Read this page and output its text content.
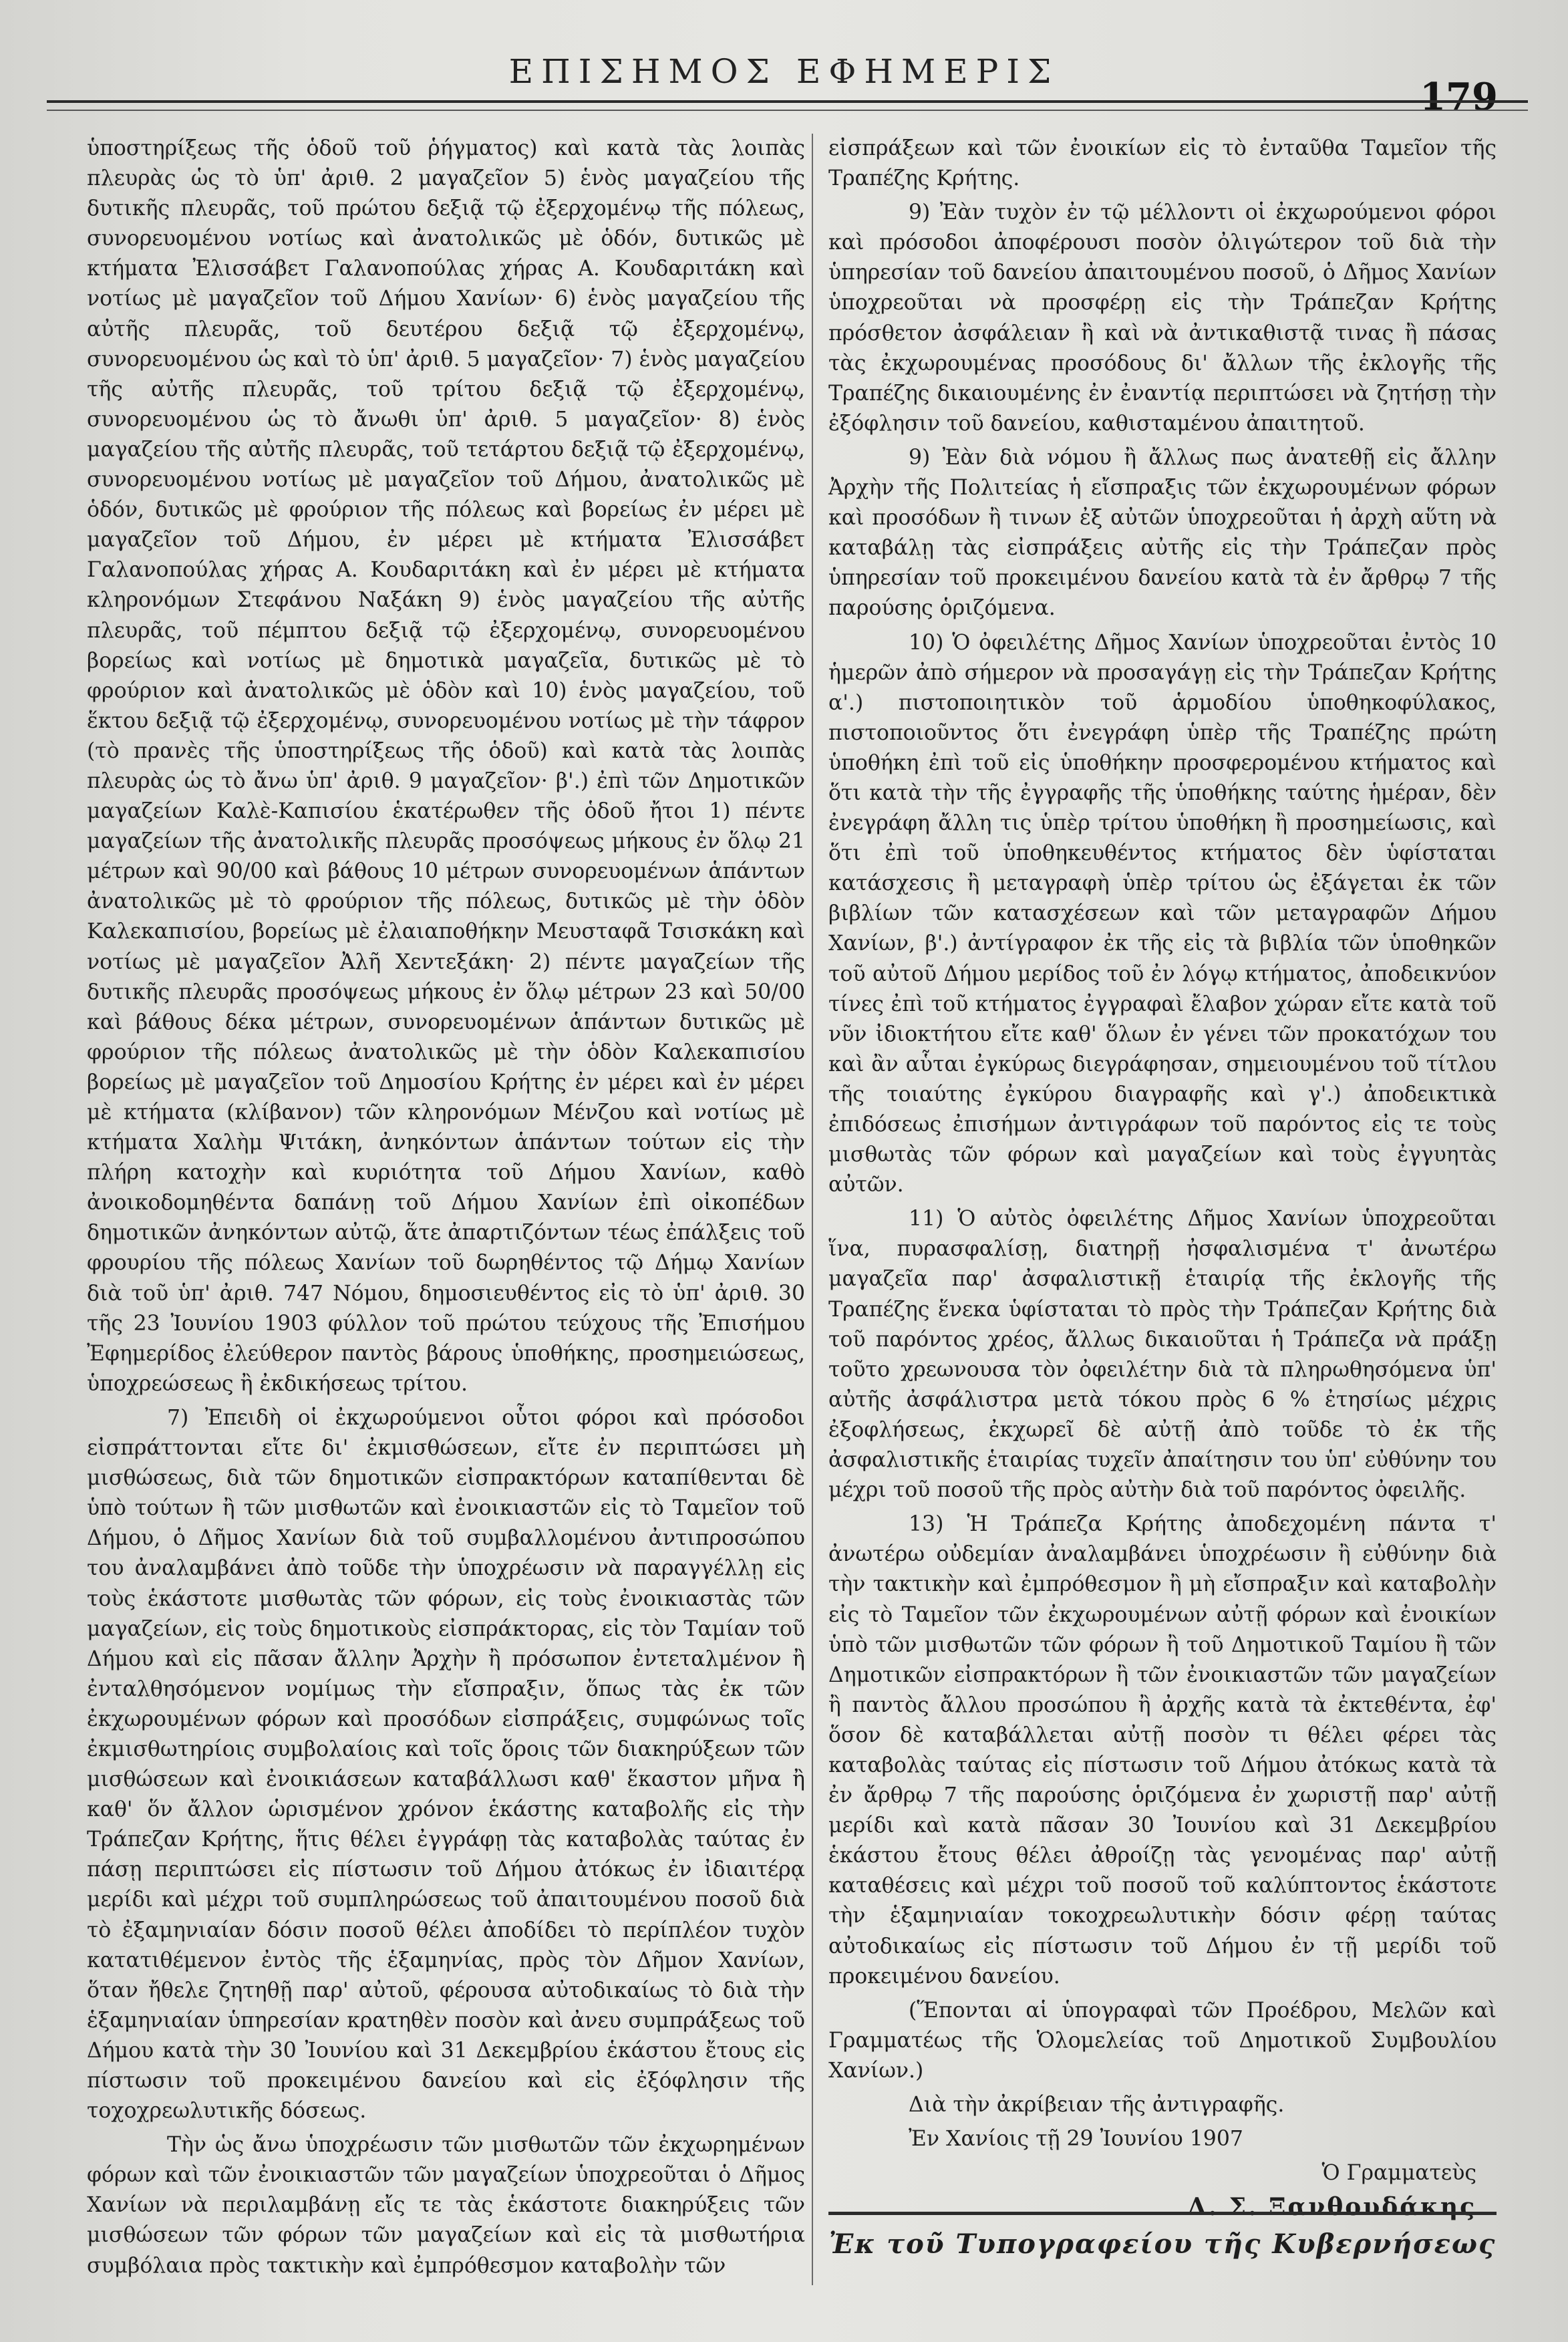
ΕΠΙΣΗΜΟΣ ΕΦΗΜΕΡΙΣ
179

ὑποστηρίξεως τῆς ὁδοῦ τοῦ ῥήγματος) καὶ κατὰ τὰς λοιπὰς πλευρὰς ὡς τὸ ὑπ' ἀριθ. 2 μαγαζεῖον 5) ἑνὸς μαγαζείου τῆς δυτικῆς πλευρᾶς, τοῦ πρώτου δεξιᾷ τῷ ἐξερχομένῳ τῆς πόλεως, συνορευομένου νοτίως καὶ ἀνατολικῶς μὲ ὁδόν, δυτικῶς μὲ κτήματα Ἐλισσάβετ Γαλανοπούλας χήρας Α. Κουδαριτάκη καὶ νοτίως μὲ μαγαζεῖον τοῦ Δήμου Χανίων· 6) ἑνὸς μαγαζείου τῆς αὐτῆς πλευρᾶς, τοῦ δευτέρου δεξιᾷ τῷ ἐξερχομένῳ, συνορευομένου ὡς καὶ τὸ ὑπ' ἀριθ. 5 μαγαζεῖον· 7) ἑνὸς μαγαζείου τῆς αὐτῆς πλευρᾶς, τοῦ τρίτου δεξιᾷ τῷ ἐξερχομένῳ, συνορευομένου ὡς τὸ ἄνωθι ὑπ' ἀριθ. 5 μαγαζεῖον· 8) ἑνὸς μαγαζείου τῆς αὐτῆς πλευρᾶς, τοῦ τετάρτου δεξιᾷ τῷ ἐξερχομένῳ, συνορευομένου νοτίως μὲ μαγαζεῖον τοῦ Δήμου, ἀνατολικῶς μὲ ὁδόν, δυτικῶς μὲ φρούριον τῆς πόλεως καὶ βορείως ἐν μέρει μὲ μαγαζεῖον τοῦ Δήμου, ἐν μέρει μὲ κτήματα Ἐλισσάβετ Γαλανοπούλας χήρας Α. Κουδαριτάκη καὶ ἐν μέρει μὲ κτήματα κληρονόμων Στεφάνου Ναξάκη 9) ἑνὸς μαγαζείου τῆς αὐτῆς πλευρᾶς, τοῦ πέμπτου δεξιᾷ τῷ ἐξερχομένῳ, συνορευομένου βορείως καὶ νοτίως μὲ δημοτικὰ μαγαζεῖα, δυτικῶς μὲ τὸ φρούριον καὶ ἀνατολικῶς μὲ ὁδὸν καὶ 10) ἑνὸς μαγαζείου, τοῦ ἕκτου δεξιᾷ τῷ ἐξερχομένῳ, συνορευομένου νοτίως μὲ τὴν τάφρον (τὸ πρανὲς τῆς ὑποστηρίξεως τῆς ὁδοῦ) καὶ κατὰ τὰς λοιπὰς πλευρὰς ὡς τὸ ἄνω ὑπ' ἀριθ. 9 μαγαζεῖον· β'.) ἐπὶ τῶν Δημοτικῶν μαγαζείων Καλὲ-Καπισίου ἑκατέρωθεν τῆς ὁδοῦ ἤτοι 1) πέντε μαγαζείων τῆς ἀνατολικῆς πλευρᾶς προσόψεως μήκους ἐν ὅλῳ 21 μέτρων καὶ 90/00 καὶ βάθους 10 μέτρων συνορευομένων ἁπάντων ἀνατολικῶς μὲ τὸ φρούριον τῆς πόλεως, δυτικῶς μὲ τὴν ὁδὸν Καλεκαπισίου, βορείως μὲ ἐλαιαποθήκην Μευσταφᾶ Τσισκάκη καὶ νοτίως μὲ μαγαζεῖον Ἀλῆ Χεντεξάκη· 2) πέντε μαγαζείων τῆς δυτικῆς πλευρᾶς προσόψεως μήκους ἐν ὅλῳ μέτρων 23 καὶ 50/00 καὶ βάθους δέκα μέτρων, συνορευομένων ἁπάντων δυτικῶς μὲ φρούριον τῆς πόλεως ἀνατολικῶς μὲ τὴν ὁδὸν Καλεκαπισίου βορείως μὲ μαγαζεῖον τοῦ Δημοσίου Κρήτης ἐν μέρει καὶ ἐν μέρει μὲ κτήματα (κλίβανον) τῶν κληρονόμων Μένζου καὶ νοτίως μὲ κτήματα Χαλὴμ Ψιτάκη, ἀνηκόντων ἁπάντων τούτων εἰς τὴν πλήρη κατοχὴν καὶ κυριότητα τοῦ Δήμου Χανίων, καθὸ ἀνοικοδομηθέντα δαπάνῃ τοῦ Δήμου Χανίων ἐπὶ οἰκοπέδων δημοτικῶν ἀνηκόντων αὐτῷ, ἅτε ἀπαρτιζόντων τέως ἐπάλξεις τοῦ φρουρίου τῆς πόλεως Χανίων τοῦ δωρηθέντος τῷ Δήμῳ Χανίων διὰ τοῦ ὑπ' ἀριθ. 747 Νόμου, δημοσιευθέντος εἰς τὸ ὑπ' ἀριθ. 30 τῆς 23 Ἰουνίου 1903 φύλλον τοῦ πρώτου τεύχους τῆς Ἐπισήμου Ἐφημερίδος ἐλεύθερον παντὸς βάρους ὑποθήκης, προσημειώσεως, ὑποχρεώσεως ἢ ἐκδικήσεως τρίτου.

7) Ἐπειδὴ οἱ ἐκχωρούμενοι οὗτοι φόροι καὶ πρόσοδοι εἰσπράττονται εἴτε δι' ἐκμισθώσεων, εἴτε ἐν περιπτώσει μὴ μισθώσεως, διὰ τῶν δημοτικῶν εἰσπρακτόρων καταπίθενται δὲ ὑπὸ τούτων ἢ τῶν μισθωτῶν καὶ ἐνοικιαστῶν εἰς τὸ Ταμεῖον τοῦ Δήμου, ὁ Δῆμος Χανίων διὰ τοῦ συμβαλλομένου ἀντιπροσώπου του ἀναλαμβάνει ἀπὸ τοῦδε τὴν ὑποχρέωσιν νὰ παραγγέλλῃ εἰς τοὺς ἑκάστοτε μισθωτὰς τῶν φόρων, εἰς τοὺς ἐνοικιαστὰς τῶν μαγαζείων, εἰς τοὺς δημοτικοὺς εἰσπράκτορας, εἰς τὸν Ταμίαν τοῦ Δήμου καὶ εἰς πᾶσαν ἄλλην Ἀρχὴν ἢ πρόσωπον ἐντεταλμένον ἢ ἐνταλθησόμενον νομίμως τὴν εἴσπραξιν, ὅπως τὰς ἐκ τῶν ἐκχωρουμένων φόρων καὶ προσόδων εἰσπράξεις, συμφώνως τοῖς ἐκμισθωτηρίοις συμβολαίοις καὶ τοῖς ὅροις τῶν διακηρύξεων τῶν μισθώσεων καὶ ἐνοικιάσεων καταβάλλωσι καθ' ἕκαστον μῆνα ἢ καθ' ὅν ἄλλον ὡρισμένον χρόνον ἑκάστης καταβολῆς εἰς τὴν Τράπεζαν Κρήτης, ἥτις θέλει ἐγγράφῃ τὰς καταβολὰς ταύτας ἐν πάσῃ περιπτώσει εἰς πίστωσιν τοῦ Δήμου ἀτόκως ἐν ἰδιαιτέρᾳ μερίδι καὶ μέχρι τοῦ συμπληρώσεως τοῦ ἀπαιτουμένου ποσοῦ διὰ τὸ ἐξαμηνιαίαν δόσιν ποσοῦ θέλει ἀποδίδει τὸ περίπλέον τυχὸν κατατιθέμενον ἐντὸς τῆς ἑξαμηνίας, πρὸς τὸν Δῆμον Χανίων, ὅταν ἤθελε ζητηθῇ παρ' αὐτοῦ, φέρουσα αὐτοδικαίως τὸ διὰ τὴν ἑξαμηνιαίαν ὑπηρεσίαν κρατηθὲν ποσὸν καὶ ἀνευ συμπράξεως τοῦ Δήμου κατὰ τὴν 30 Ἰουνίου καὶ 31 Δεκεμβρίου ἑκάστου ἔτους εἰς πίστωσιν τοῦ προκειμένου δανείου καὶ εἰς ἐξόφλησιν τῆς τοχοχρεωλυτικῆς δόσεως.

Τὴν ὡς ἄνω ὑποχρέωσιν τῶν μισθωτῶν τῶν ἐκχωρημένων φόρων καὶ τῶν ἐνοικιαστῶν τῶν μαγαζείων ὑποχρεοῦται ὁ Δῆμος Χανίων νὰ περιλαμβάνῃ εἴς τε τὰς ἑκάστοτε διακηρύξεις τῶν μισθώσεων τῶν φόρων τῶν μαγαζείων καὶ εἰς τὰ μισθωτήρια συμβόλαια πρὸς τακτικὴν καὶ ἐμπρόθεσμον καταβολὴν τῶν

εἰσπράξεων καὶ τῶν ἐνοικίων εἰς τὸ ἐνταῦθα Ταμεῖον τῆς Τραπέζης Κρήτης.

9) Ἐὰν τυχὸν ἐν τῷ μέλλοντι οἱ ἐκχωρούμενοι φόροι καὶ πρόσοδοι ἀποφέρουσι ποσὸν ὀλιγώτερον τοῦ διὰ τὴν ὑπηρεσίαν τοῦ δανείου ἀπαιτουμένου ποσοῦ, ὁ Δῆμος Χανίων ὑποχρεοῦται νὰ προσφέρῃ εἰς τὴν Τράπεζαν Κρήτης πρόσθετον ἀσφάλειαν ἢ καὶ νὰ ἀντικαθιστᾷ τινας ἢ πάσας τὰς ἐκχωρουμένας προσόδους δι' ἄλλων τῆς ἐκλογῆς τῆς Τραπέζης δικαιουμένης ἐν ἐναντίᾳ περιπτώσει νὰ ζητήσῃ τὴν ἐξόφλησιν τοῦ δανείου, καθισταμένου ἀπαιτητοῦ.

9) Ἐὰν διὰ νόμου ἢ ἄλλως πως ἀνατεθῇ εἰς ἄλλην Ἀρχὴν τῆς Πολιτείας ἡ εἴσπραξις τῶν ἐκχωρουμένων φόρων καὶ προσόδων ἢ τινων ἐξ αὐτῶν ὑποχρεοῦται ἡ ἀρχὴ αὕτη νὰ καταβάλῃ τὰς εἰσπράξεις αὐτῆς εἰς τὴν Τράπεζαν πρὸς ὑπηρεσίαν τοῦ προκειμένου δανείου κατὰ τὰ ἐν ἄρθρῳ 7 τῆς παρούσης ὁριζόμενα.

10) Ὁ ὀφειλέτης Δῆμος Χανίων ὑποχρεοῦται ἐντὸς 10 ἡμερῶν ἀπὸ σήμερον νὰ προσαγάγῃ εἰς τὴν Τράπεζαν Κρήτης α'.) πιστοποιητικὸν τοῦ ἁρμοδίου ὑποθηκοφύλακος, πιστοποιοῦντος ὅτι ἐνεγράφη ὑπὲρ τῆς Τραπέζης πρώτη ὑποθήκη ἐπὶ τοῦ εἰς ὑποθήκην προσφερομένου κτήματος καὶ ὅτι κατὰ τὴν τῆς ἐγγραφῆς τῆς ὑποθήκης ταύτης ἡμέραν, δὲν ἐνεγράφη ἄλλη τις ὑπὲρ τρίτου ὑποθήκη ἢ προσημείωσις, καὶ ὅτι ἐπὶ τοῦ ὑποθηκευθέντος κτήματος δὲν ὑφίσταται κατάσχεσις ἢ μεταγραφὴ ὑπὲρ τρίτου ὡς ἐξάγεται ἐκ τῶν βιβλίων τῶν κατασχέσεων καὶ τῶν μεταγραφῶν Δήμου Χανίων, β'.) ἀντίγραφον ἐκ τῆς εἰς τὰ βιβλία τῶν ὑποθηκῶν τοῦ αὐτοῦ Δήμου μερίδος τοῦ ἐν λόγῳ κτήματος, ἀποδεικνύον τίνες ἐπὶ τοῦ κτήματος ἐγγραφαὶ ἔλαβον χώραν εἴτε κατὰ τοῦ νῦν ἰδιοκτήτου εἴτε καθ' ὅλων ἐν γένει τῶν προκατόχων του καὶ ἂν αὗται ἐγκύρως διεγράφησαν, σημειουμένου τοῦ τίτλου τῆς τοιαύτης ἐγκύρου διαγραφῆς καὶ γ'.) ἀποδεικτικὰ ἐπιδόσεως ἐπισήμων ἀντιγράφων τοῦ παρόντος εἰς τε τοὺς μισθωτὰς τῶν φόρων καὶ μαγαζείων καὶ τοὺς ἐγγυητὰς αὐτῶν.

11) Ὁ αὐτὸς ὀφειλέτης Δῆμος Χανίων ὑποχρεοῦται ἵνα, πυρασφαλίσῃ, διατηρῇ ἠσφαλισμένα τ' ἀνωτέρω μαγαζεῖα παρ' ἀσφαλιστικῇ ἑταιρίᾳ τῆς ἐκλογῆς τῆς Τραπέζης ἕνεκα ὑφίσταται τὸ πρὸς τὴν Τράπεζαν Κρήτης διὰ τοῦ παρόντος χρέος, ἄλλως δικαιοῦται ἡ Τράπεζα νὰ πράξῃ τοῦτο χρεωνουσα τὸν ὀφειλέτην διὰ τὰ πληρωθησόμενα ὑπ' αὐτῆς ἀσφάλιστρα μετὰ τόκου πρὸς 6 % ἐτησίως μέχρις ἐξοφλήσεως, ἐκχωρεῖ δὲ αὐτῇ ἀπὸ τοῦδε τὸ ἐκ τῆς ἀσφαλιστικῆς ἑταιρίας τυχεῖν ἀπαίτησιν του ὑπ' εὐθύνην του μέχρι τοῦ ποσοῦ τῆς πρὸς αὐτὴν διὰ τοῦ παρόντος ὀφειλῆς.

13) Ἡ Τράπεζα Κρήτης ἀποδεχομένη πάντα τ' ἀνωτέρω οὐδεμίαν ἀναλαμβάνει ὑποχρέωσιν ἢ εὐθύνην διὰ τὴν τακτικὴν καὶ ἐμπρόθεσμον ἢ μὴ εἴσπραξιν καὶ καταβολὴν εἰς τὸ Ταμεῖον τῶν ἐκχωρουμένων αὐτῇ φόρων καὶ ἐνοικίων ὑπὸ τῶν μισθωτῶν τῶν φόρων ἢ τοῦ Δημοτικοῦ Ταμίου ἢ τῶν Δημοτικῶν εἰσπρακτόρων ἢ τῶν ἐνοικιαστῶν τῶν μαγαζείων ἢ παντὸς ἄλλου προσώπου ἢ ἀρχῆς κατὰ τὰ ἐκτεθέντα, ἐφ' ὅσον δὲ καταβάλλεται αὐτῇ ποσὸν τι θέλει φέρει τὰς καταβολὰς ταύτας εἰς πίστωσιν τοῦ Δήμου ἀτόκως κατὰ τὰ ἐν ἄρθρῳ 7 τῆς παρούσης ὁριζόμενα ἐν χωριστῇ παρ' αὐτῇ μερίδι καὶ κατὰ πᾶσαν 30 Ἰουνίου καὶ 31 Δεκεμβρίου ἑκάστου ἔτους θέλει ἀθροίζῃ τὰς γενομένας παρ' αὐτῇ καταθέσεις καὶ μέχρι τοῦ ποσοῦ τοῦ καλύπτοντος ἑκάστοτε τὴν ἑξαμηνιαίαν τοκοχρεωλυτικὴν δόσιν φέρῃ ταύτας αὐτοδικαίως εἰς πίστωσιν τοῦ Δήμου ἐν τῇ μερίδι τοῦ προκειμένου δανείου.

(Ἕπονται αἱ ὑπογραφαὶ τῶν Προέδρου, Μελῶν καὶ Γραμματέως τῆς Ὁλομελείας τοῦ Δημοτικοῦ Συμβουλίου Χανίων.)

Διὰ τὴν ἀκρίβειαν τῆς ἀντιγραφῆς.

Ἐν Χανίοις τῇ 29 Ἰουνίου 1907

Ὁ Γραμματεὺς

Δ. Σ. Ξανθουδάκης

Ἐκ τοῦ Τυπογραφείου τῆς Κυβερνήσεως
